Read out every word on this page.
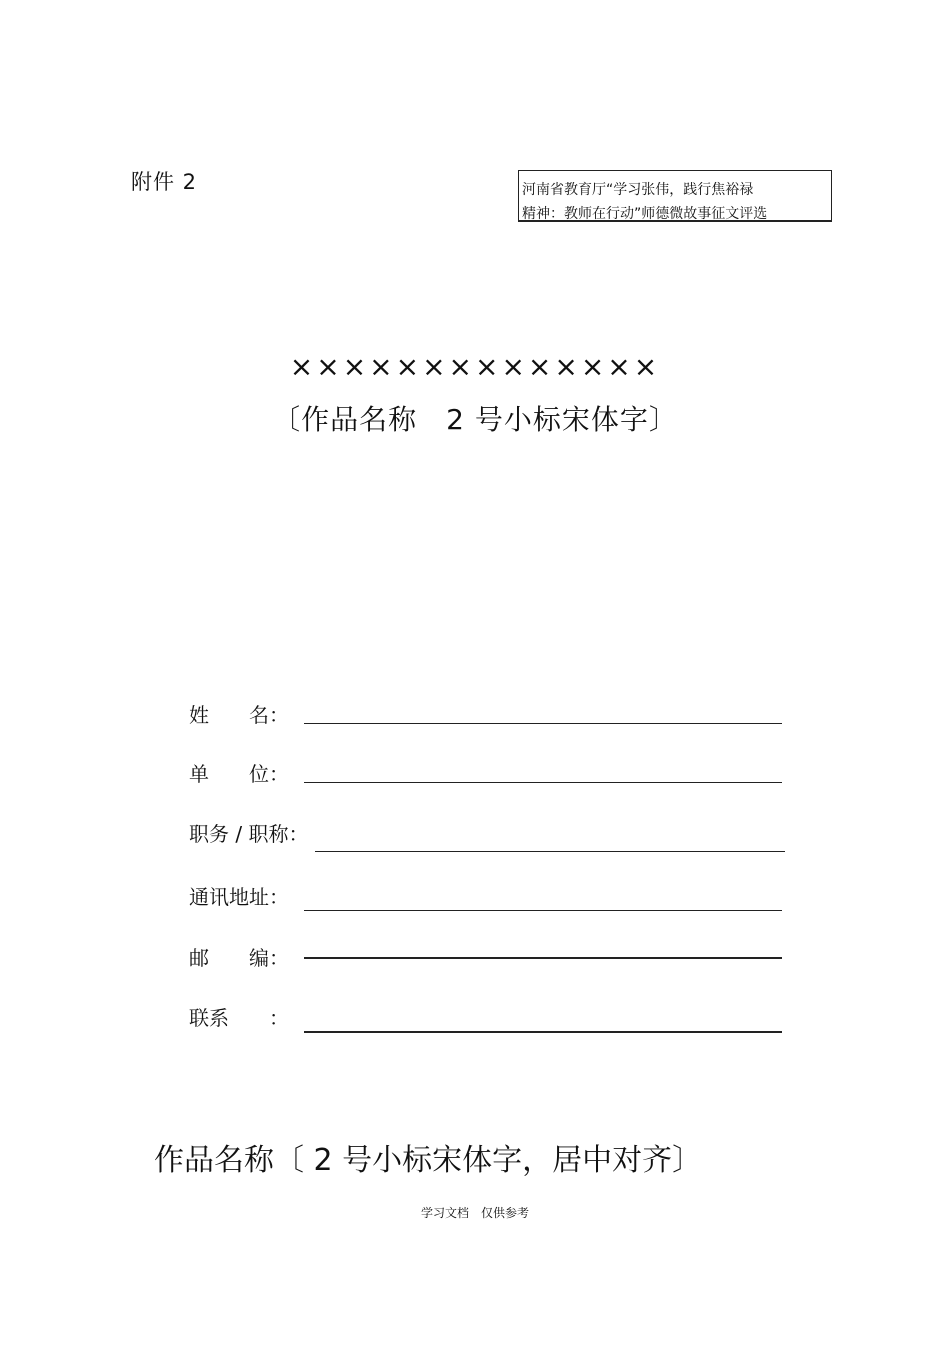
附件 2	河南省教育厅“学习张伟，践行焦裕禄
精神：教师在行动”师德微故事征文评选
××××××××××××××
〔作品名称　2 号小标宋体字〕
姓　　名：
单　　位：
职务 / 职称：
通讯地址：
邮　　编：
联系　　：
作品名称〔 2 号小标宋体字，居中对齐〕
学习文档　仅供参考
